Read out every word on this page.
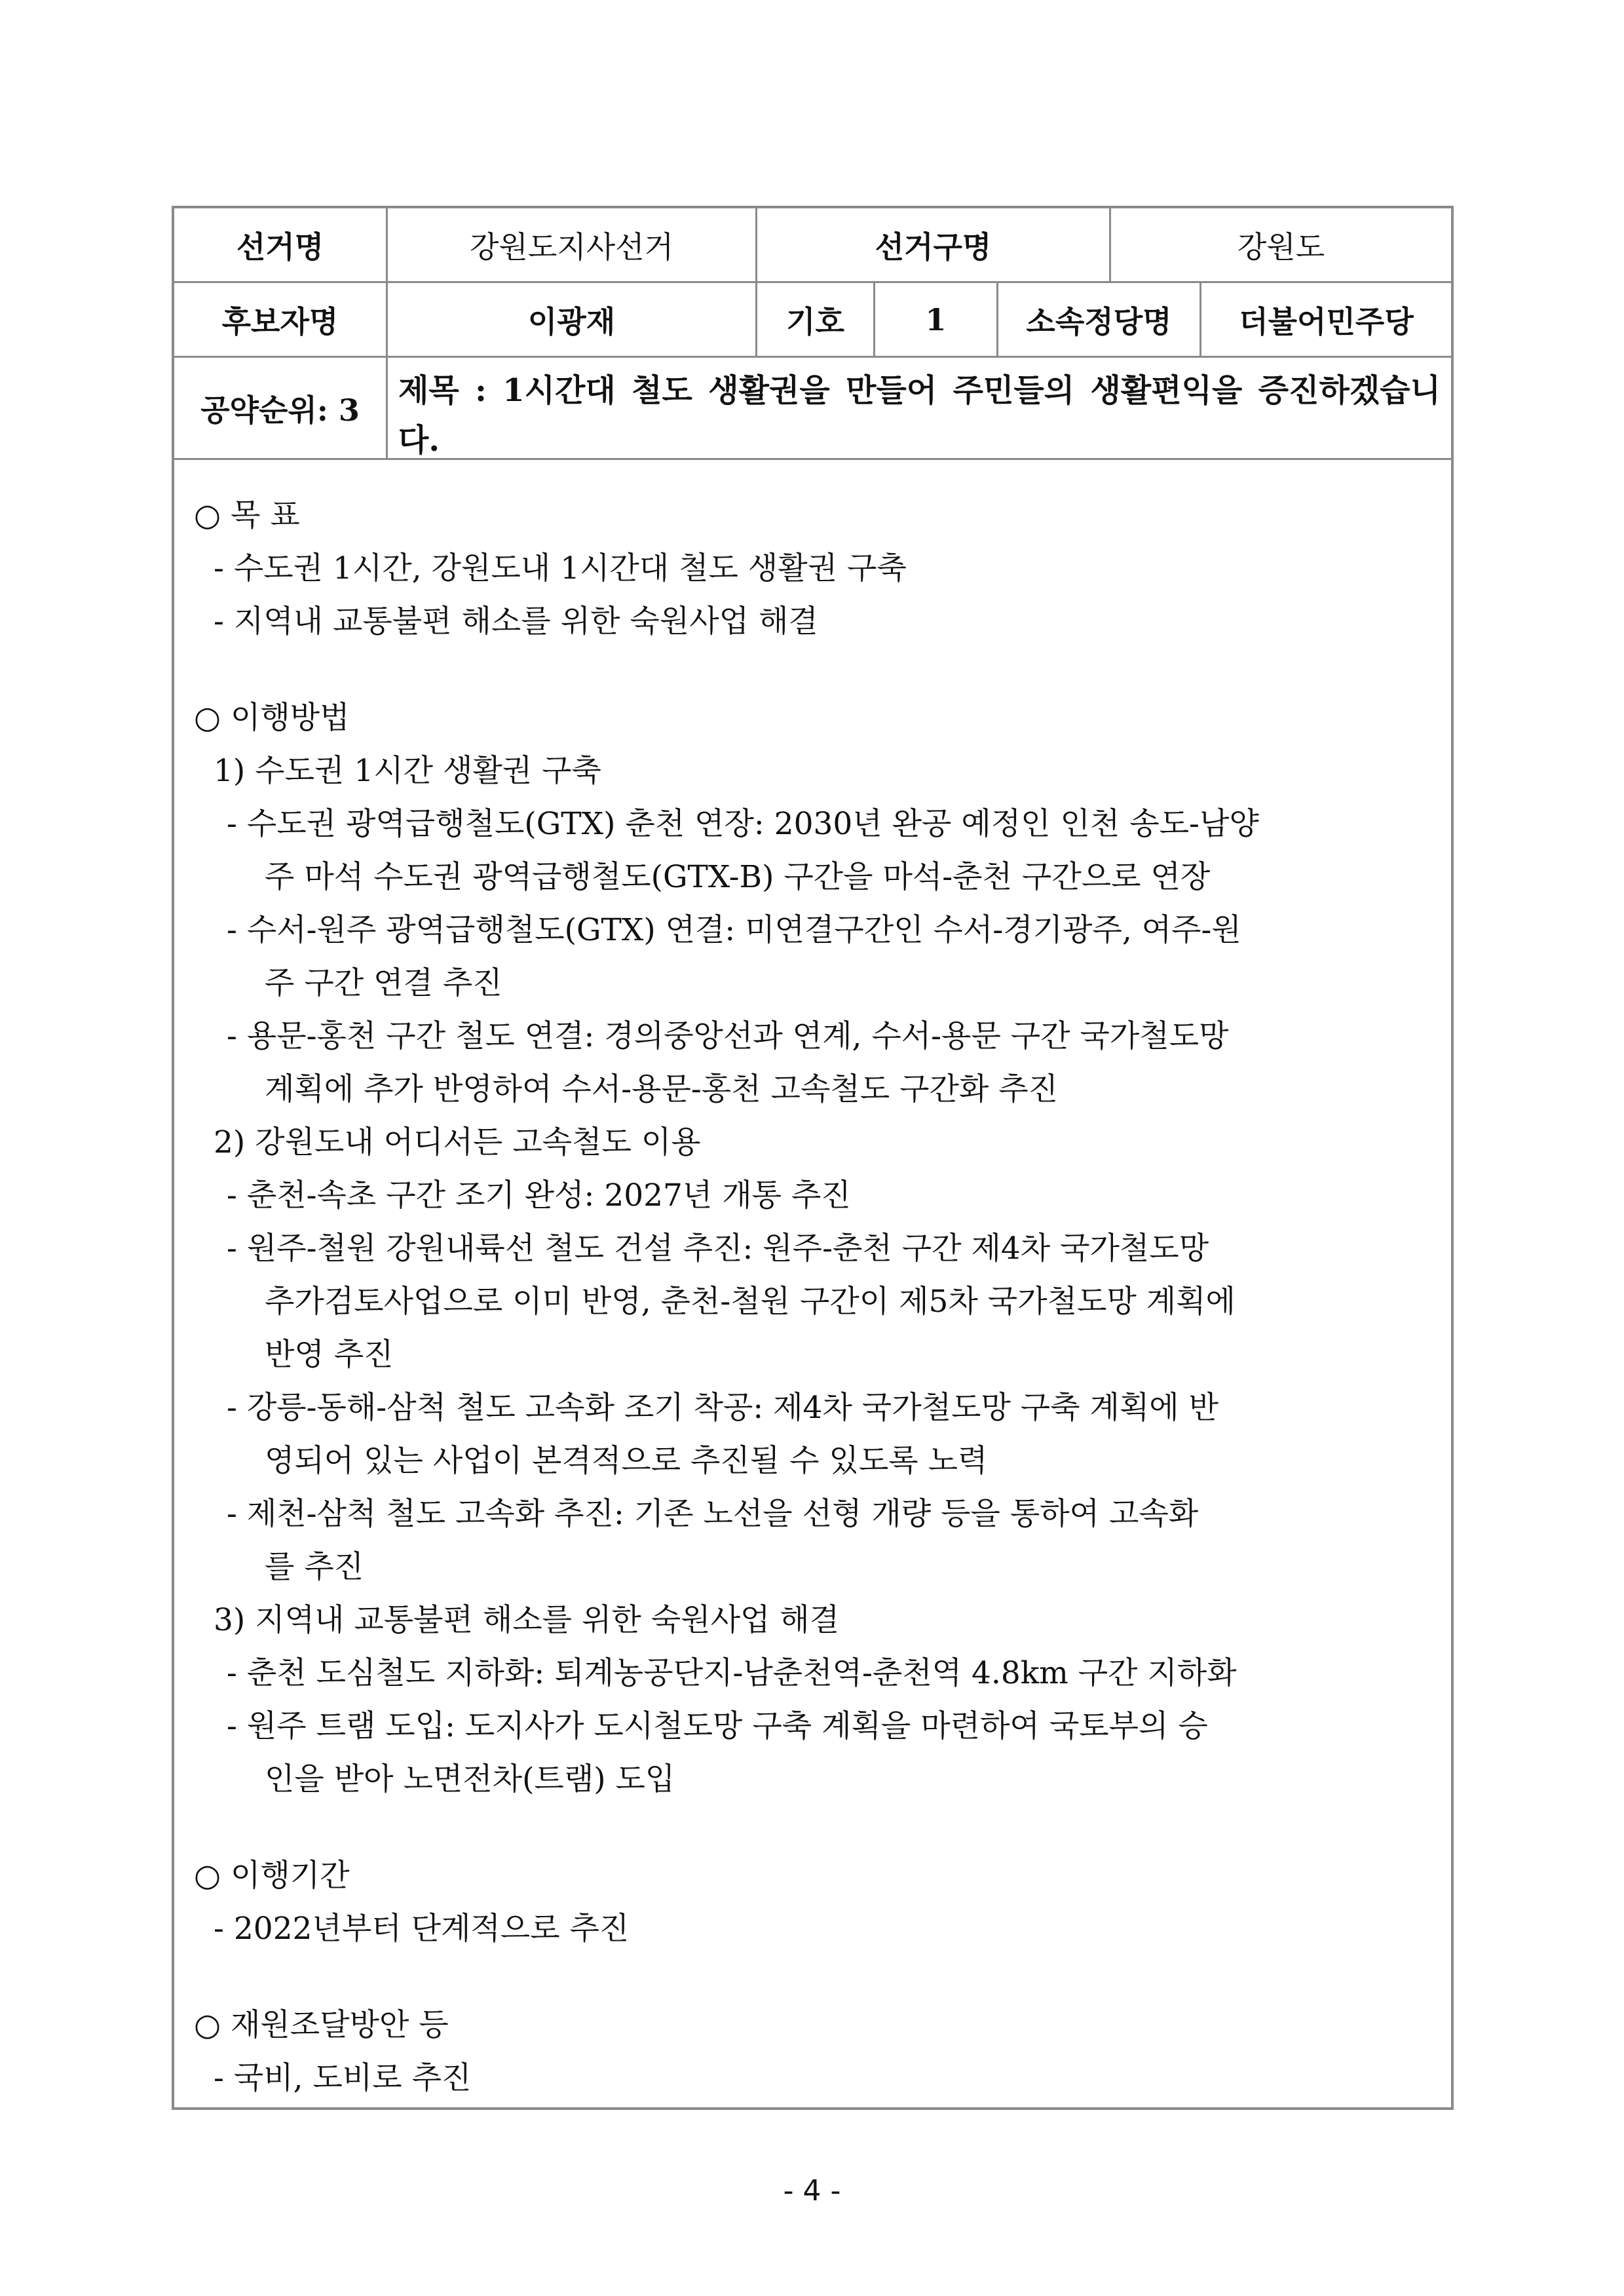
선거명	강원도지사선거	선거구명	강원도
후보자명	이광재	기호	1	소속정당명	더불어민주당
공약순위: 3
제목 : 1시간대 철도 생활권을 만들어 주민들의 생활편익을 증진하겠습니다.
○ 목 표
- 수도권 1시간, 강원도내 1시간대 철도 생활권 구축
- 지역내 교통불편 해소를 위한 숙원사업 해결
○ 이행방법
1) 수도권 1시간 생활권 구축
- 수도권 광역급행철도(GTX) 춘천 연장: 2030년 완공 예정인 인천 송도-남양
주 마석 수도권 광역급행철도(GTX-B) 구간을 마석-춘천 구간으로 연장
- 수서-원주 광역급행철도(GTX) 연결: 미연결구간인 수서-경기광주, 여주-원
주 구간 연결 추진
- 용문-홍천 구간 철도 연결: 경의중앙선과 연계, 수서-용문 구간 국가철도망
계획에 추가 반영하여 수서-용문-홍천 고속철도 구간화 추진
2) 강원도내 어디서든 고속철도 이용
- 춘천-속초 구간 조기 완성: 2027년 개통 추진
- 원주-철원 강원내륙선 철도 건설 추진: 원주-춘천 구간 제4차 국가철도망
추가검토사업으로 이미 반영, 춘천-철원 구간이 제5차 국가철도망 계획에
반영 추진
- 강릉-동해-삼척 철도 고속화 조기 착공: 제4차 국가철도망 구축 계획에 반
영되어 있는 사업이 본격적으로 추진될 수 있도록 노력
- 제천-삼척 철도 고속화 추진: 기존 노선을 선형 개량 등을 통하여 고속화
를 추진
3) 지역내 교통불편 해소를 위한 숙원사업 해결
- 춘천 도심철도 지하화: 퇴계농공단지-남춘천역-춘천역 4.8km 구간 지하화
- 원주 트램 도입: 도지사가 도시철도망 구축 계획을 마련하여 국토부의 승
인을 받아 노면전차(트램) 도입
○ 이행기간
- 2022년부터 단계적으로 추진
○ 재원조달방안 등
- 국비, 도비로 추진
- 4 -
